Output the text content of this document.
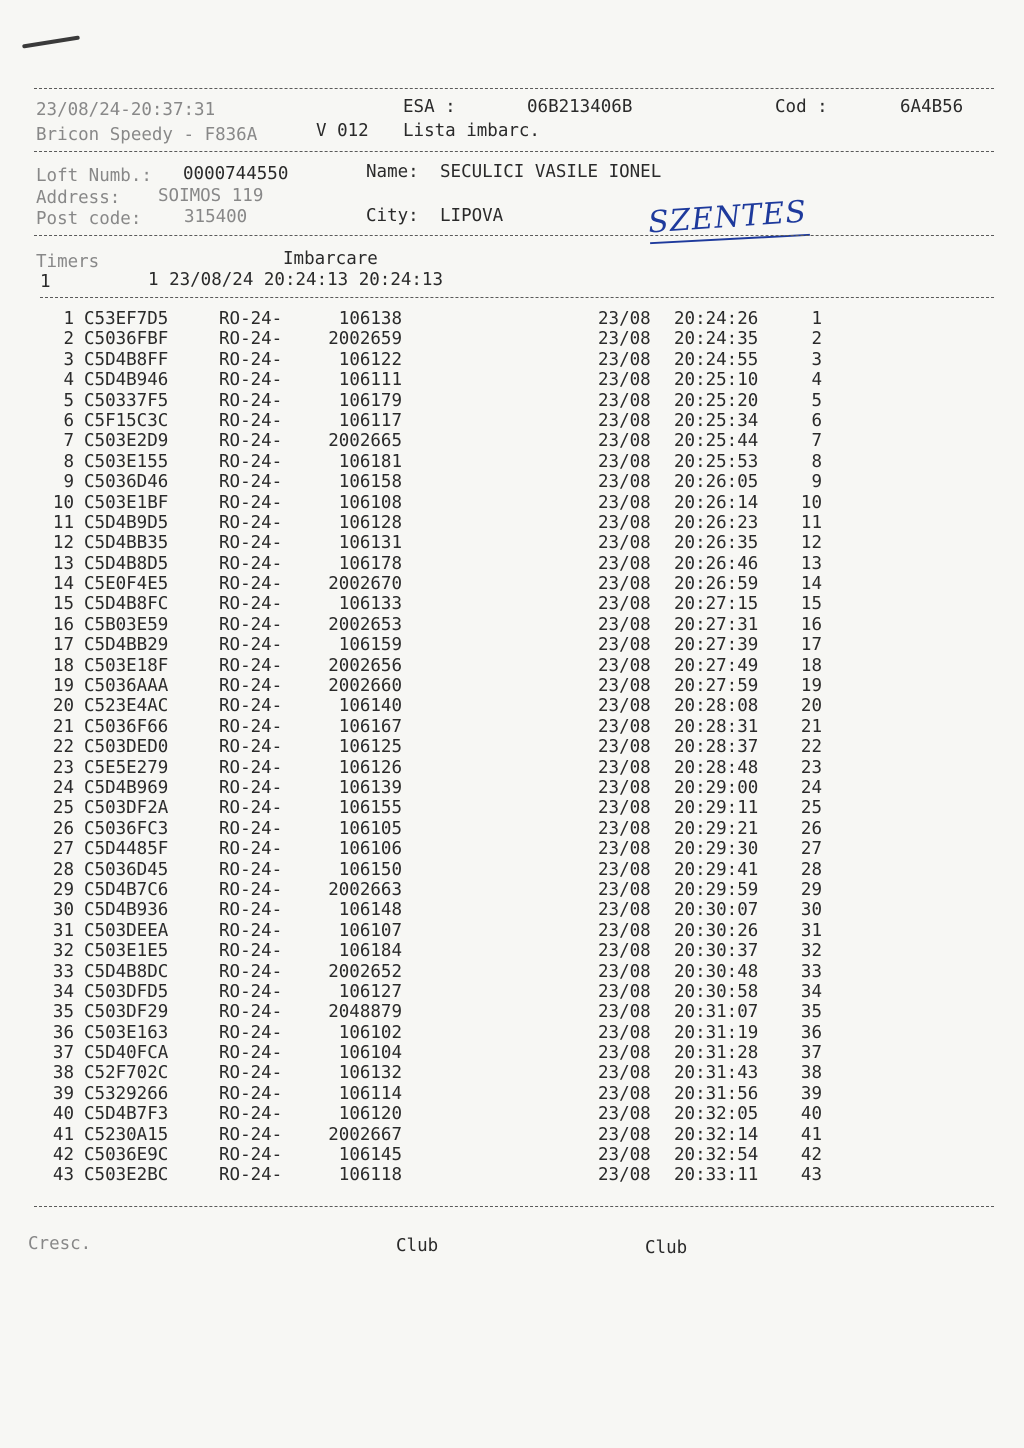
23/08/24-20:37:31	ESA :	06B213406B	Cod :	6A4B56
Bricon Speedy - F836A	V 012 Lista imbarc.
Loft Numb.: 0000744550	Name: SECULICI VASILE IONEL
Address: SOIMOS 119
Post code: 315400	City: LIPOVA	SZENTES
Timers	Imbarcare
1	1 23/08/24 20:24:13 20:24:13
1 C53EF7D5	RO-24-	106138	23/08 20:24:26	1
2 C5036FBF	RO-24-	2002659	23/08 20:24:35	2
3 C5D4B8FF	RO-24-	106122	23/08 20:24:55	3
4 C5D4B946	RO-24-	106111	23/08 20:25:10	4
5 C50337F5	RO-24-	106179	23/08 20:25:20	5
6 C5F15C3C	RO-24-	106117	23/08 20:25:34	6
7 C503E2D9	RO-24-	2002665	23/08 20:25:44	7
8 C503E155	RO-24-	106181	23/08 20:25:53	8
9 C5036D46	RO-24-	106158	23/08 20:26:05	9
10 C503E1BF	RO-24-	106108	23/08 20:26:14	10
11 C5D4B9D5	RO-24-	106128	23/08 20:26:23	11
12 C5D4BB35	RO-24-	106131	23/08 20:26:35	12
13 C5D4B8D5	RO-24-	106178	23/08 20:26:46	13
14 C5E0F4E5	RO-24-	2002670	23/08 20:26:59	14
15 C5D4B8FC	RO-24-	106133	23/08 20:27:15	15
16 C5B03E59	RO-24-	2002653	23/08 20:27:31	16
17 C5D4BB29	RO-24-	106159	23/08 20:27:39	17
18 C503E18F	RO-24-	2002656	23/08 20:27:49	18
19 C5036AAA	RO-24-	2002660	23/08 20:27:59	19
20 C523E4AC	RO-24-	106140	23/08 20:28:08	20
21 C5036F66	RO-24-	106167	23/08 20:28:31	21
22 C503DED0	RO-24-	106125	23/08 20:28:37	22
23 C5E5E279	RO-24-	106126	23/08 20:28:48	23
24 C5D4B969	RO-24-	106139	23/08 20:29:00	24
25 C503DF2A	RO-24-	106155	23/08 20:29:11	25
26 C5036FC3	RO-24-	106105	23/08 20:29:21	26
27 C5D4485F	RO-24-	106106	23/08 20:29:30	27
28 C5036D45	RO-24-	106150	23/08 20:29:41	28
29 C5D4B7C6	RO-24-	2002663	23/08 20:29:59	29
30 C5D4B936	RO-24-	106148	23/08 20:30:07	30
31 C503DEEA	RO-24-	106107	23/08 20:30:26	31
32 C503E1E5	RO-24-	106184	23/08 20:30:37	32
33 C5D4B8DC	RO-24-	2002652	23/08 20:30:48	33
34 C503DFD5	RO-24-	106127	23/08 20:30:58	34
35 C503DF29	RO-24-	2048879	23/08 20:31:07	35
36 C503E163	RO-24-	106102	23/08 20:31:19	36
37 C5D40FCA	RO-24-	106104	23/08 20:31:28	37
38 C52F702C	RO-24-	106132	23/08 20:31:43	38
39 C5329266	RO-24-	106114	23/08 20:31:56	39
40 C5D4B7F3	RO-24-	106120	23/08 20:32:05	40
41 C5230A15	RO-24-	2002667	23/08 20:32:14	41
42 C5036E9C	RO-24-	106145	23/08 20:32:54	42
43 C503E2BC	RO-24-	106118	23/08 20:33:11	43
Cresc.	Club	Club
